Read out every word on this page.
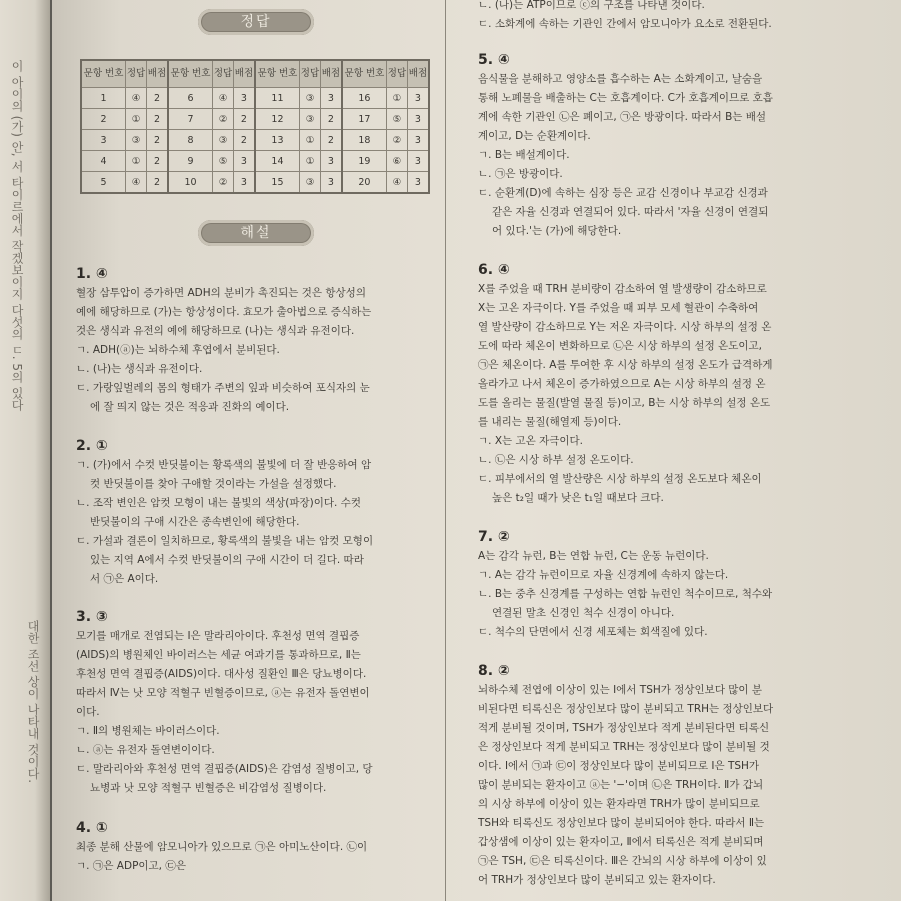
이 아이의 (가) 안, 서 타이르에서 작겠보이지 다섯의 ㄷ. 5의 있다
대한 조선 상이 나타내 것이다.
정답
문항 번호	정답	배점	문항 번호	정답	배점	문항 번호	정답	배점	문항 번호	정답	배점
1	④	2	6	④	3	11	③	3	16	①	3
2	①	2	7	②	2	12	③	2	17	⑤	3
3	③	2	8	③	2	13	①	2	18	②	3
4	①	2	9	⑤	3	14	①	3	19	⑥	3
5	④	2	10	②	3	15	③	3	20	④	3
해설
1. ④
혈장 삼투압이 증가하면 ADH의 분비가 촉진되는 것은 항상성의
예에 해당하므로 (가)는 항상성이다. 효모가 출아법으로 증식하는
것은 생식과 유전의 예에 해당하므로 (나)는 생식과 유전이다.
ㄱ. ADH(ⓐ)는 뇌하수체 후엽에서 분비된다.
ㄴ. (나)는 생식과 유전이다.
ㄷ. 가랑잎벌레의 몸의 형태가 주변의 잎과 비슷하여 포식자의 눈
에 잘 띄지 않는 것은 적응과 진화의 예이다.
2. ①
ㄱ. (가)에서 수컷 반딧불이는 황록색의 불빛에 더 잘 반응하여 암
컷 반딧불이를 찾아 구애할 것이라는 가설을 설정했다.
ㄴ. 조작 변인은 암컷 모형이 내는 불빛의 색상(파장)이다. 수컷
반딧불이의 구애 시간은 종속변인에 해당한다.
ㄷ. 가설과 결론이 일치하므로, 황록색의 불빛을 내는 암컷 모형이
있는 지역 A에서 수컷 반딧불이의 구애 시간이 더 길다. 따라
서 ㉠은 A이다.
3. ③
모기를 매개로 전염되는 Ⅰ은 말라리아이다. 후천성 면역 결핍증
(AIDS)의 병원체인 바이러스는 세균 여과기를 통과하므로, Ⅱ는
후천성 면역 결핍증(AIDS)이다. 대사성 질환인 Ⅲ은 당뇨병이다.
따라서 Ⅳ는 낫 모양 적혈구 빈혈증이므로, ⓐ는 유전자 돌연변이
이다.
ㄱ. Ⅱ의 병원체는 바이러스이다.
ㄴ. ⓐ는 유전자 돌연변이이다.
ㄷ. 말라리아와 후천성 면역 결핍증(AIDS)은 감염성 질병이고, 당
뇨병과 낫 모양 적혈구 빈혈증은 비감염성 질병이다.
4. ①
최종 분해 산물에 암모니아가 있으므로 ㉠은 아미노산이다. ㉡이
ㄱ. ㉠은 ADP이고, ㉢은
ㄴ. (나)는 ATP이므로 ⓒ의 구조를 나타낸 것이다.
ㄷ. 소화계에 속하는 기관인 간에서 암모니아가 요소로 전환된다.
5. ④
음식물을 분해하고 영양소를 흡수하는 A는 소화계이고, 날숨을
통해 노폐물을 배출하는 C는 호흡계이다. C가 호흡계이므로 호흡
계에 속한 기관인 ㉡은 폐이고, ㉠은 방광이다. 따라서 B는 배설
계이고, D는 순환계이다.
ㄱ. B는 배설계이다.
ㄴ. ㉠은 방광이다.
ㄷ. 순환계(D)에 속하는 심장 등은 교감 신경이나 부교감 신경과
같은 자율 신경과 연결되어 있다. 따라서 '자율 신경이 연결되
어 있다.'는 (가)에 해당한다.
6. ④
X를 주었을 때 TRH 분비량이 감소하여 열 발생량이 감소하므로
X는 고온 자극이다. Y를 주었을 때 피부 모세 혈관이 수축하여
열 발산량이 감소하므로 Y는 저온 자극이다. 시상 하부의 설정 온
도에 따라 체온이 변화하므로 ㉡은 시상 하부의 설정 온도이고,
㉠은 체온이다. A를 투여한 후 시상 하부의 설정 온도가 급격하게
올라가고 나서 체온이 증가하였으므로 A는 시상 하부의 설정 온
도를 올리는 물질(발열 물질 등)이고, B는 시상 하부의 설정 온도
를 내리는 물질(해열제 등)이다.
ㄱ. X는 고온 자극이다.
ㄴ. ㉡은 시상 하부 설정 온도이다.
ㄷ. 피부에서의 열 발산량은 시상 하부의 설정 온도보다 체온이
높은 t₂일 때가 낮은 t₁일 때보다 크다.
7. ②
A는 감각 뉴런, B는 연합 뉴런, C는 운동 뉴런이다.
ㄱ. A는 감각 뉴런이므로 자율 신경계에 속하지 않는다.
ㄴ. B는 중추 신경계를 구성하는 연합 뉴런인 척수이므로, 척수와
연결된 말초 신경인 척수 신경이 아니다.
ㄷ. 척수의 단면에서 신경 세포체는 회색질에 있다.
8. ②
뇌하수체 전엽에 이상이 있는 Ⅰ에서 TSH가 정상인보다 많이 분
비된다면 티록신은 정상인보다 많이 분비되고 TRH는 정상인보다
적게 분비될 것이며, TSH가 정상인보다 적게 분비된다면 티록신
은 정상인보다 적게 분비되고 TRH는 정상인보다 많이 분비될 것
이다. Ⅰ에서 ㉠과 ㉢이 정상인보다 많이 분비되므로 Ⅰ은 TSH가
많이 분비되는 환자이고 ⓐ는 '−'이며 ㉡은 TRH이다. Ⅱ가 갑뇌
의 시상 하부에 이상이 있는 환자라면 TRH가 많이 분비되므로
TSH와 티록신도 정상인보다 많이 분비되어야 한다. 따라서 Ⅱ는
갑상샘에 이상이 있는 환자이고, Ⅱ에서 티록신은 적게 분비되며
㉠은 TSH, ㉢은 티록신이다. Ⅲ은 간뇌의 시상 하부에 이상이 있
어 TRH가 정상인보다 많이 분비되고 있는 환자이다.
